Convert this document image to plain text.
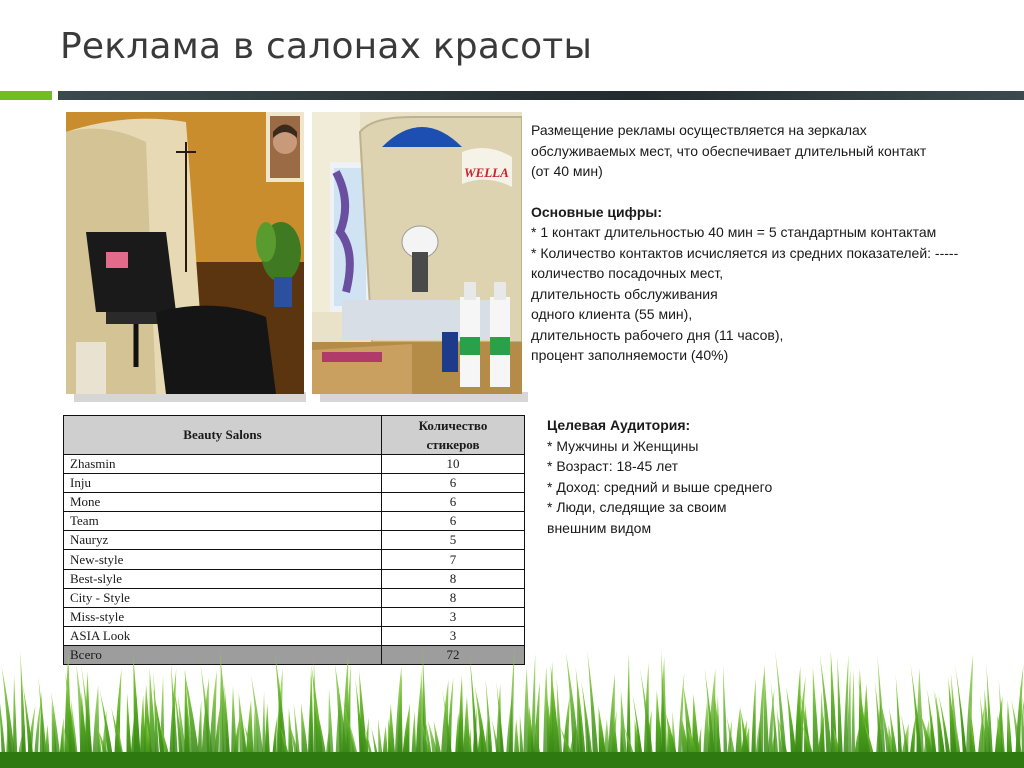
Реклама в салонах красоты
WELLA

Размещение рекламы осуществляется на зеркалах

обслуживаемых мест, что обеспечивает длительный контакт

(от 40 мин)

Основные цифры:

* 1 контакт длительностью 40 мин = 5 стандартным контактам

* Количество контактов исчисляется из средних показателей: -----

количество посадочных мест,

длительность обслуживания

одного клиента (55 мин),

длительность рабочего дня (11 часов),

процент заполняемости (40%)

Целевая Аудитория:

* Мужчины и Женщины

* Возраст: 18-45 лет

* Доход: средний и выше среднего

* Люди, следящие за своим

внешним видом

Beauty Salons	Количество
стикеров

Zhasmin	10
Inju	6
Mone	6
Team	6
Nauryz	5
New-style	7
Best-slyle	8
City - Style	8
Miss-style	3
ASIA Look	3
Всего	72
